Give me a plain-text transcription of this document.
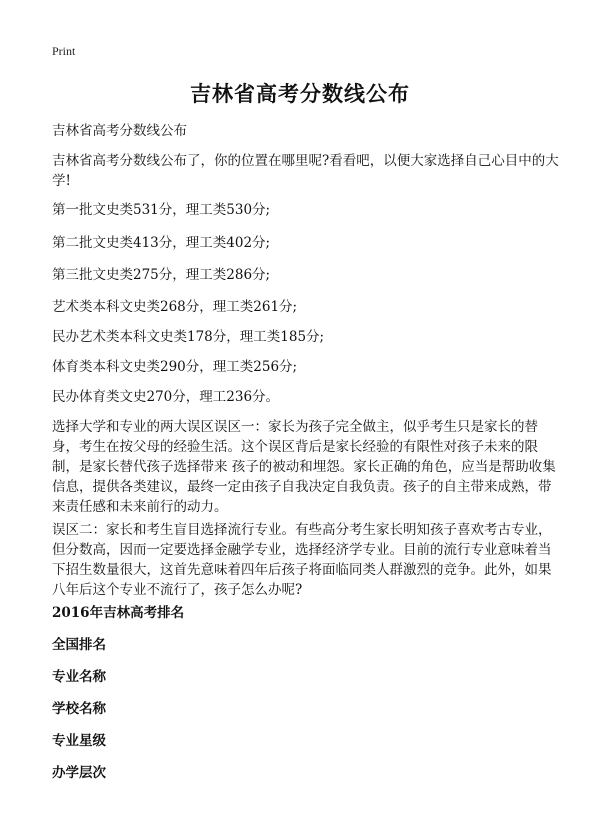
Print
吉林省高考分数线公布

吉林省高考分数线公布

吉林省高考分数线公布了，你的位置在哪里呢?看看吧，以便大家选择自己心目中的大学!

第一批文史类531分，理工类530分;

第二批文史类413分，理工类402分;

第三批文史类275分，理工类286分;

艺术类本科文史类268分，理工类261分;

民办艺术类本科文史类178分，理工类185分;

体育类本科文史类290分，理工类256分;

民办体育类文史270分，理工236分。

选择大学和专业的两大误区误区一：家长为孩子完全做主，似乎考生只是家长的替身，考生在按父母的经验生活。这个误区背后是家长经验的有限性对孩子未来的限制，是家长替代孩子选择带来 孩子的被动和埋怨。家长正确的角色，应当是帮助收集信息，提供各类建议，最终一定由孩子自我决定自我负责。孩子的自主带来成熟，带来责任感和未来前行的动力。

误区二：家长和考生盲目选择流行专业。有些高分考生家长明知孩子喜欢考古专业，但分数高，因而一定要选择金融学专业，选择经济学专业。目前的流行专业意味着当下招生数量很大，这首先意味着四年后孩子将面临同类人群激烈的竞争。此外，如果八年后这个专业不流行了，孩子怎么办呢?

2016年吉林高考排名

全国排名

专业名称

学校名称

专业星级

办学层次
